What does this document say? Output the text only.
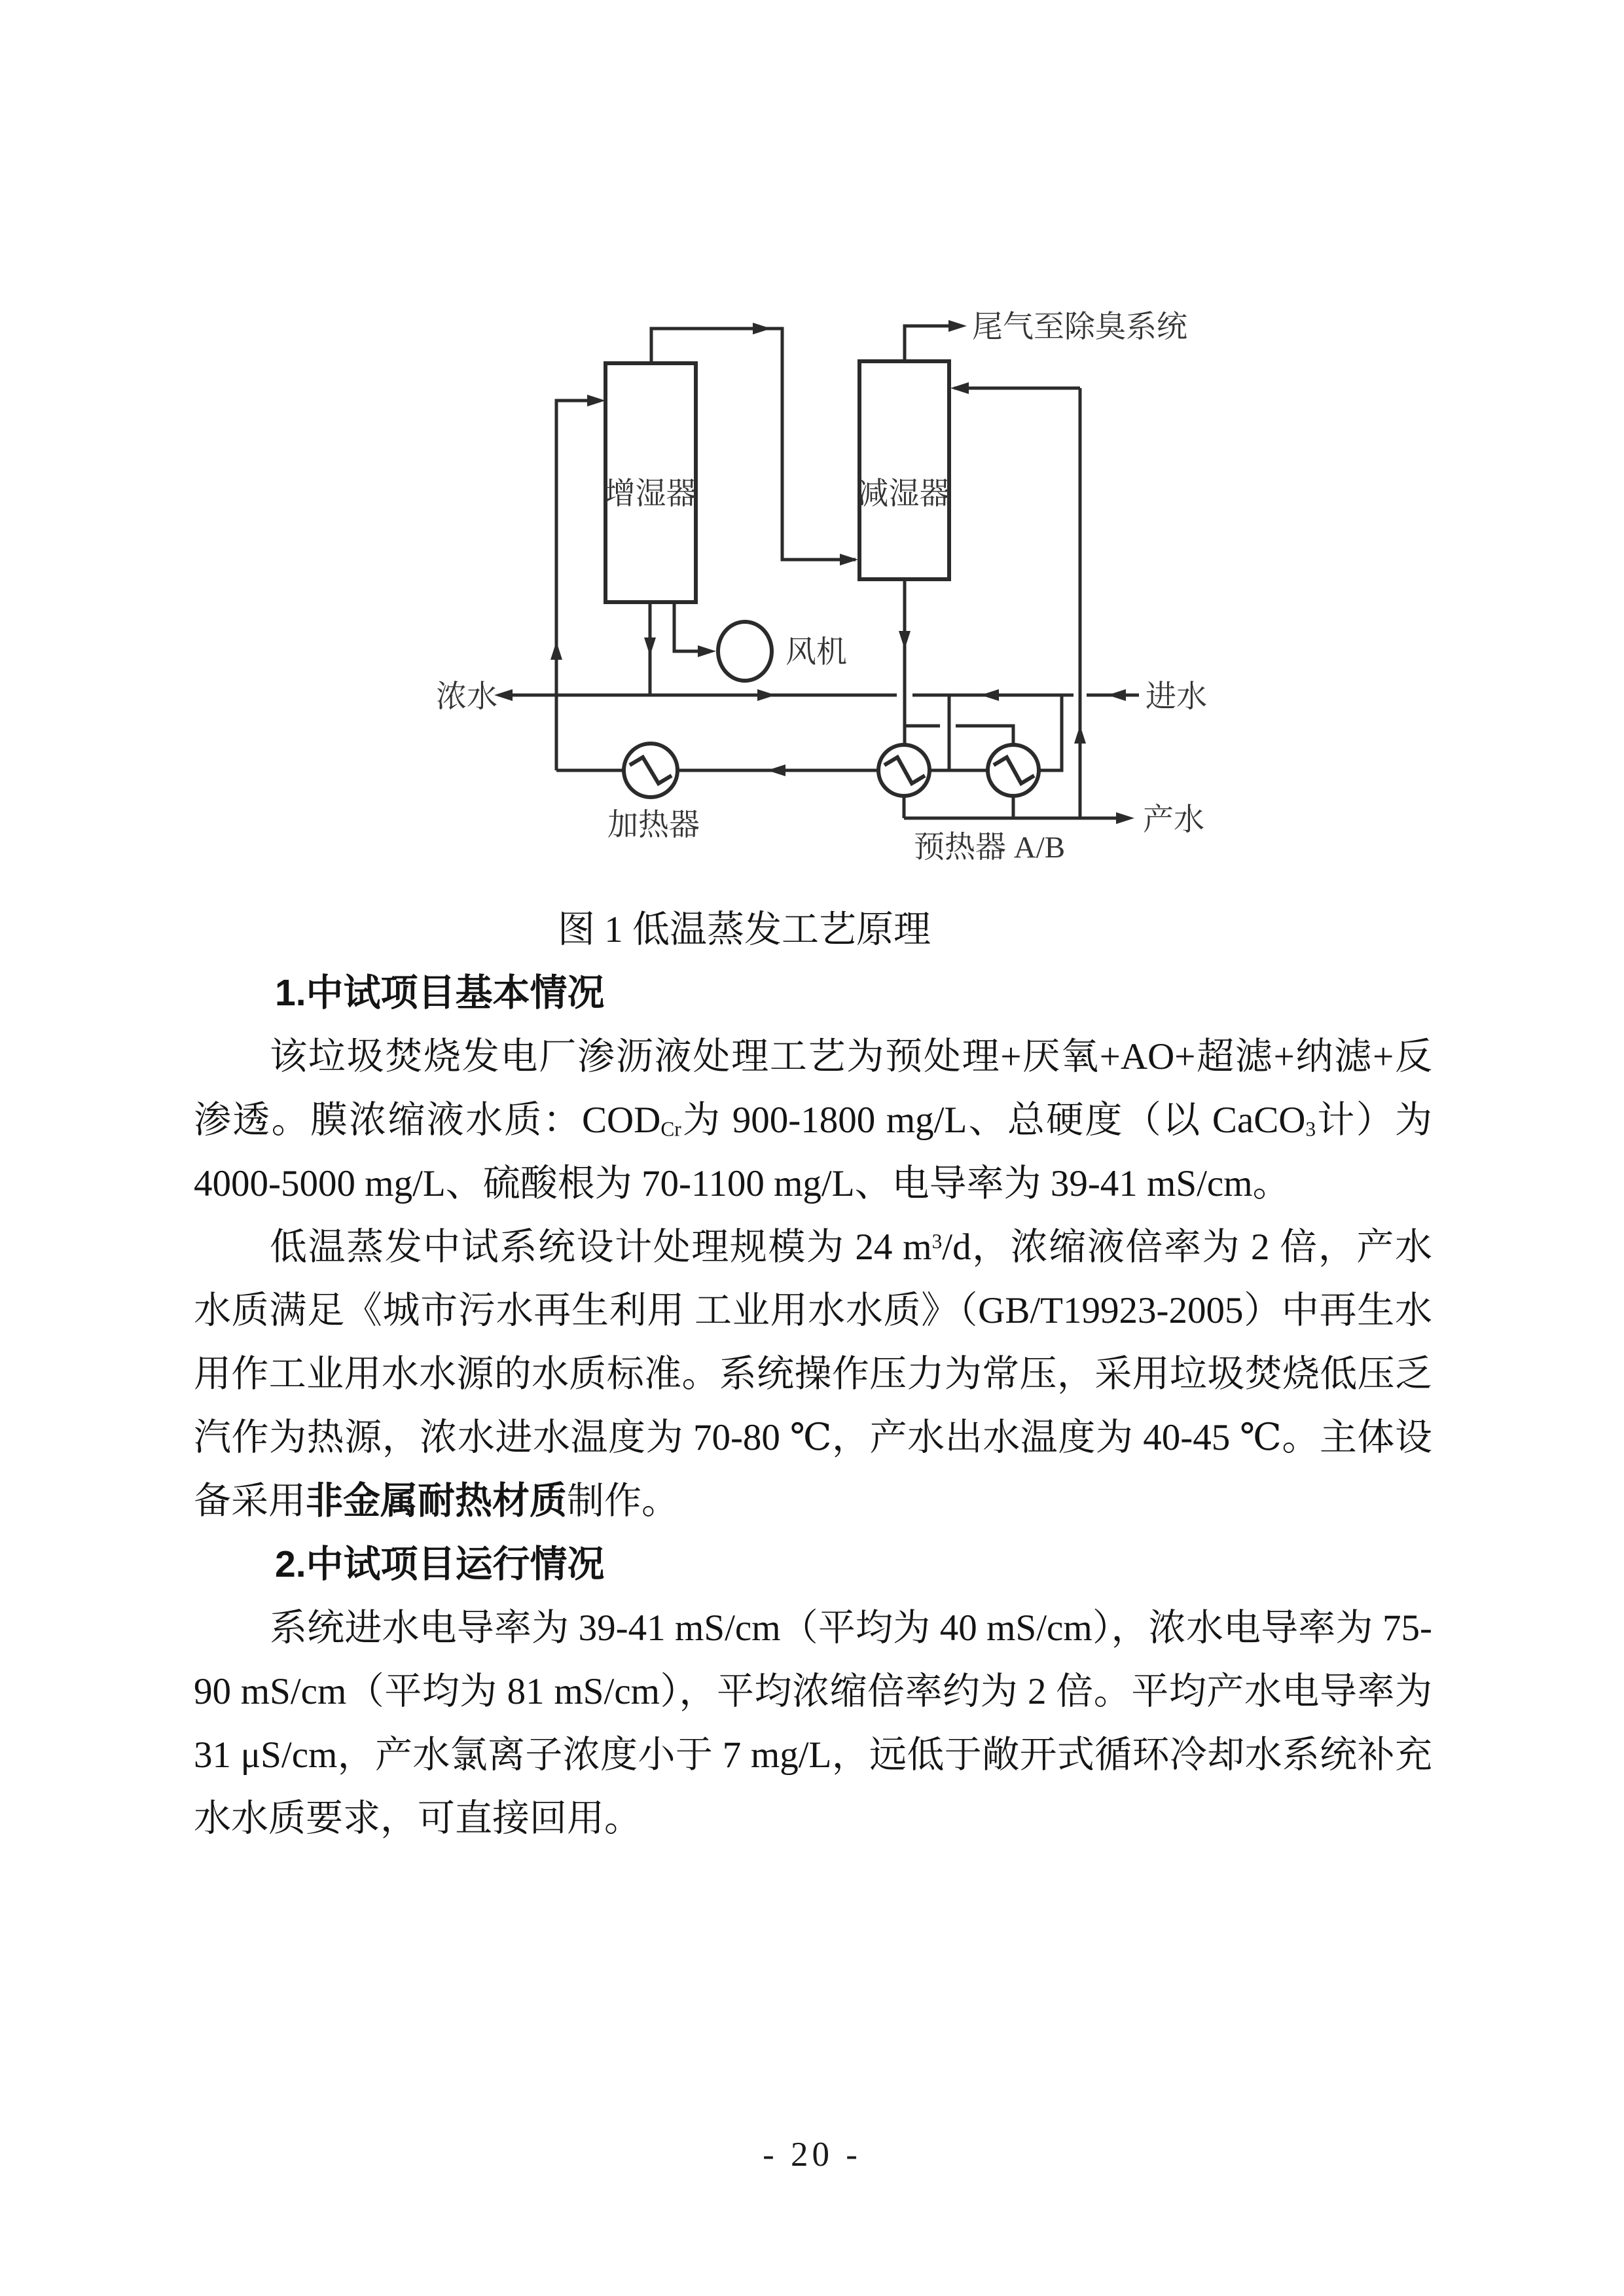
尾气至除臭系统
浓水	进水
产水
增湿器	减湿器
风机
加热器
预热器 A/B
图 1 低温蒸发工艺原理
1.中试项目基本情况

该垃圾焚烧发电厂渗沥液处理工艺为预处理+厌氧+AO+超滤+纳滤+反渗透。膜浓缩液水质：$COD_{Cr}$为 900-1800 mg/L、总硬度（以 CaCO$_3$计）为 4000-5000 mg/L、硫酸根为 70-1100 mg/L、电导率为 39-41 mS/cm。

低温蒸发中试系统设计处理规模为 24 $m^3/d$，浓缩液倍率为 2 倍，产水水质满足《城市污水再生利用 工业用水水质》（GB/T19923-2005）中再生水用作工业用水水源的水质标准。系统操作压力为常压，采用垃圾焚烧低压乏汽作为热源，浓水进水温度为 70-80 ℃，产水出水温度为 40-45 ℃。主体设备采用非金属耐热材质制作。

2.中试项目运行情况

系统进水电导率为 39-41 mS/cm（平均为 40 mS/cm），浓水电导率为 75-90 mS/cm（平均为 81 mS/cm），平均浓缩倍率约为 2 倍。平均产水电导率为 31 μS/cm，产水氯离子浓度小于 7 mg/L，远低于敞开式循环冷却水系统补充水水质要求，可直接回用。

- 20 -
